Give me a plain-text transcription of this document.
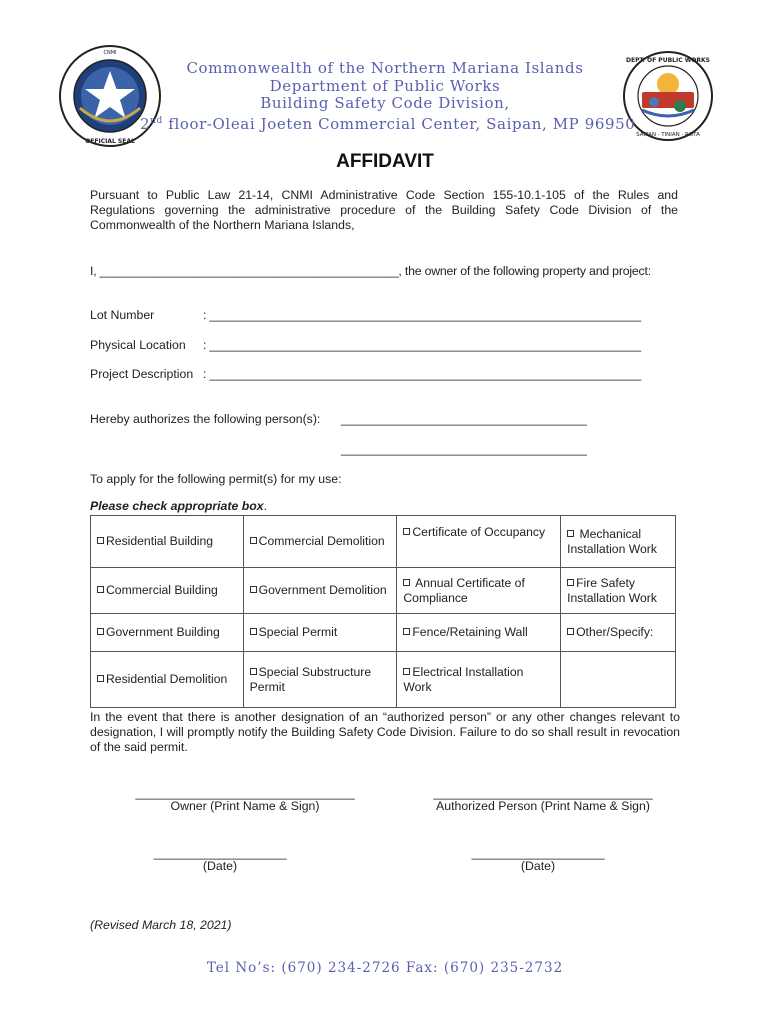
CNMI
OFFICIAL SEAL
DEPT. OF PUBLIC WORKS
SAIPAN · TINIAN · ROTA
Commonwealth of the Northern Mariana Islands
Department of Public Works
Building Safety Code Division,
2nd floor-Oleai Joeten Commercial Center, Saipan, MP 96950
AFFIDAVIT
Pursuant to Public Law 21-14, CNMI Administrative Code Section 155-10.1-105 of the Rules and Regulations governing the administrative procedure of the Building Safety Code Division of the Commonwealth of the Northern Mariana Islands,
I, _____________________________________________, the owner of the following property and project:
Lot Number	: _________________________________________________________________
Physical Location : _________________________________________________________________
Project Description : _________________________________________________________________
Hereby authorizes the following person(s): _____________________________________
_____________________________________
To apply for the following permit(s) for my use:
Please check appropriate box.
Residential Building	Commercial Demolition	Certificate of Occupancy	Mechanical Installation Work
Commercial Building	Government Demolition	Annual Certificate of Compliance	Fire Safety Installation Work
Government Building	Special Permit	Fence/Retaining Wall	Other/Specify:
Residential Demolition	Special Substructure Permit	Electrical Installation Work	
In the event that there is another designation of an “authorized person” or any other changes relevant to designation, I will promptly notify the Building Safety Code Division. Failure to do so shall result in revocation of the said permit.
_________________________________
Owner (Print Name & Sign)
_________________________________
Authorized Person (Print Name & Sign)
____________________
(Date)
____________________
(Date)
(Revised March 18, 2021)
Tel No’s: (670) 234-2726 Fax: (670) 235-2732
